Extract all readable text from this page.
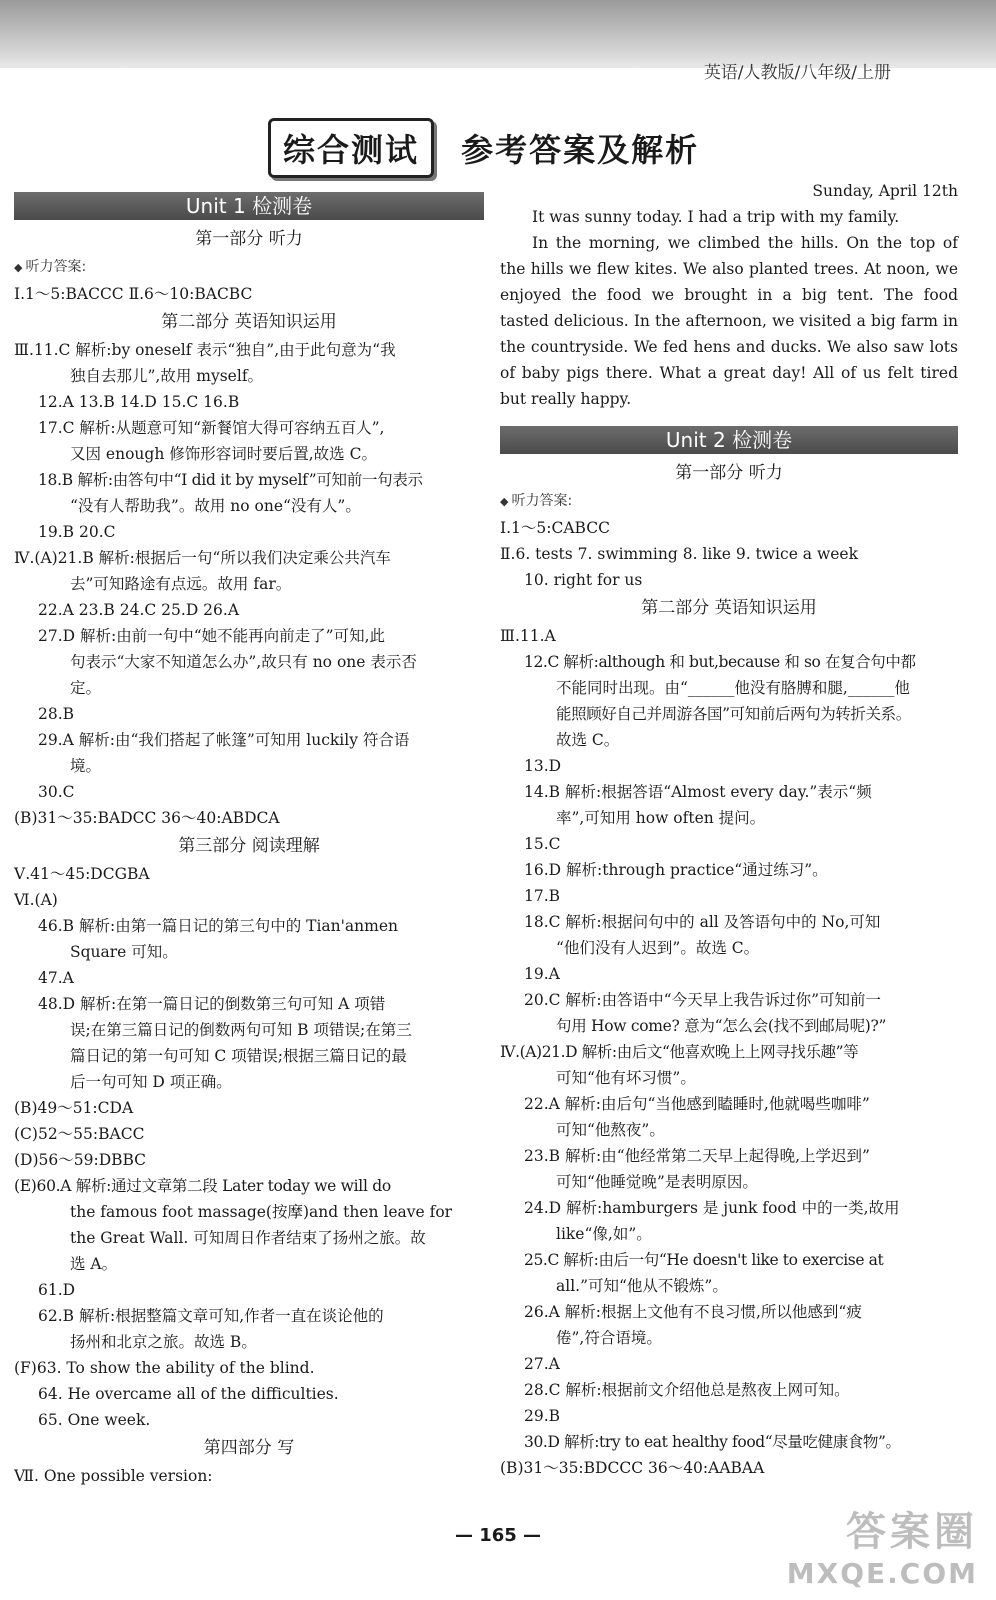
英语/人教版/八年级/上册
综合测试 参考答案及解析
Unit 1 检测卷
第一部分 听力
◆ 听力答案:
Ⅰ.1～5:BACCC Ⅱ.6～10:BACBC
第二部分 英语知识运用
Ⅲ.11.C 解析:by oneself 表示“独自”,由于此句意为“我
独自去那儿”,故用 myself。
12.A 13.B 14.D 15.C 16.B
17.C 解析:从题意可知“新餐馆大得可容纳五百人”,
又因 enough 修饰形容词时要后置,故选 C。
18.B 解析:由答句中“I did it by myself”可知前一句表示
“没有人帮助我”。故用 no one“没有人”。
19.B 20.C
Ⅳ.(A)21.B 解析:根据后一句“所以我们决定乘公共汽车
去”可知路途有点远。故用 far。
22.A 23.B 24.C 25.D 26.A
27.D 解析:由前一句中“她不能再向前走了”可知,此
句表示“大家不知道怎么办”,故只有 no one 表示否
定。
28.B
29.A 解析:由“我们搭起了帐篷”可知用 luckily 符合语
境。
30.C
(B)31～35:BADCC 36～40:ABDCA
第三部分 阅读理解
Ⅴ.41～45:DCGBA
Ⅵ.(A)
46.B 解析:由第一篇日记的第三句中的 Tian'anmen
Square 可知。
47.A
48.D 解析:在第一篇日记的倒数第三句可知 A 项错
误;在第三篇日记的倒数两句可知 B 项错误;在第三
篇日记的第一句可知 C 项错误;根据三篇日记的最
后一句可知 D 项正确。
(B)49～51:CDA
(C)52～55:BACC
(D)56～59:DBBC
(E)60.A 解析:通过文章第二段 Later today we will do
the famous foot massage(按摩)and then leave for
the Great Wall. 可知周日作者结束了扬州之旅。故
选 A。
61.D
62.B 解析:根据整篇文章可知,作者一直在谈论他的
扬州和北京之旅。故选 B。
(F)63. To show the ability of the blind.
64. He overcame all of the difficulties.
65. One week.
第四部分 写
Ⅶ. One possible version:
Sunday, April 12th

It was sunny today. I had a trip with my family.

In the morning, we climbed the hills. On the top of the hills we flew kites. We also planted trees. At noon, we enjoyed the food we brought in a big tent. The food tasted delicious. In the afternoon, we visited a big farm in the countryside. We fed hens and ducks. We also saw lots of baby pigs there. What a great day! All of us felt tired but really happy.

Unit 2 检测卷
第一部分 听力
◆ 听力答案:
Ⅰ.1～5:CABCC
Ⅱ.6. tests 7. swimming 8. like 9. twice a week
10. right for us
第二部分 英语知识运用
Ⅲ.11.A
12.C 解析:although 和 but,because 和 so 在复合句中都
不能同时出现。由“______他没有胳膊和腿,______他
能照顾好自己并周游各国”可知前后两句为转折关系。
故选 C。
13.D
14.B 解析:根据答语“Almost every day.”表示“频
率”,可知用 how often 提问。
15.C
16.D 解析:through practice“通过练习”。
17.B
18.C 解析:根据问句中的 all 及答语句中的 No,可知
“他们没有人迟到”。故选 C。
19.A
20.C 解析:由答语中“今天早上我告诉过你”可知前一
句用 How come? 意为“怎么会(找不到邮局呢)?”
Ⅳ.(A)21.D 解析:由后文“他喜欢晚上上网寻找乐趣”等
可知“他有坏习惯”。
22.A 解析:由后句“当他感到瞌睡时,他就喝些咖啡”
可知“他熬夜”。
23.B 解析:由“他经常第二天早上起得晚,上学迟到”
可知“他睡觉晚”是表明原因。
24.D 解析:hamburgers 是 junk food 中的一类,故用
like“像,如”。
25.C 解析:由后一句“He doesn't like to exercise at
all.”可知“他从不锻炼”。
26.A 解析:根据上文他有不良习惯,所以他感到“疲
倦”,符合语境。
27.A
28.C 解析:根据前文介绍他总是熬夜上网可知。
29.B
30.D 解析:try to eat healthy food“尽量吃健康食物”。
(B)31～35:BDCCC 36～40:AABAA
— 165 —	答案圈
MXQE.COM
